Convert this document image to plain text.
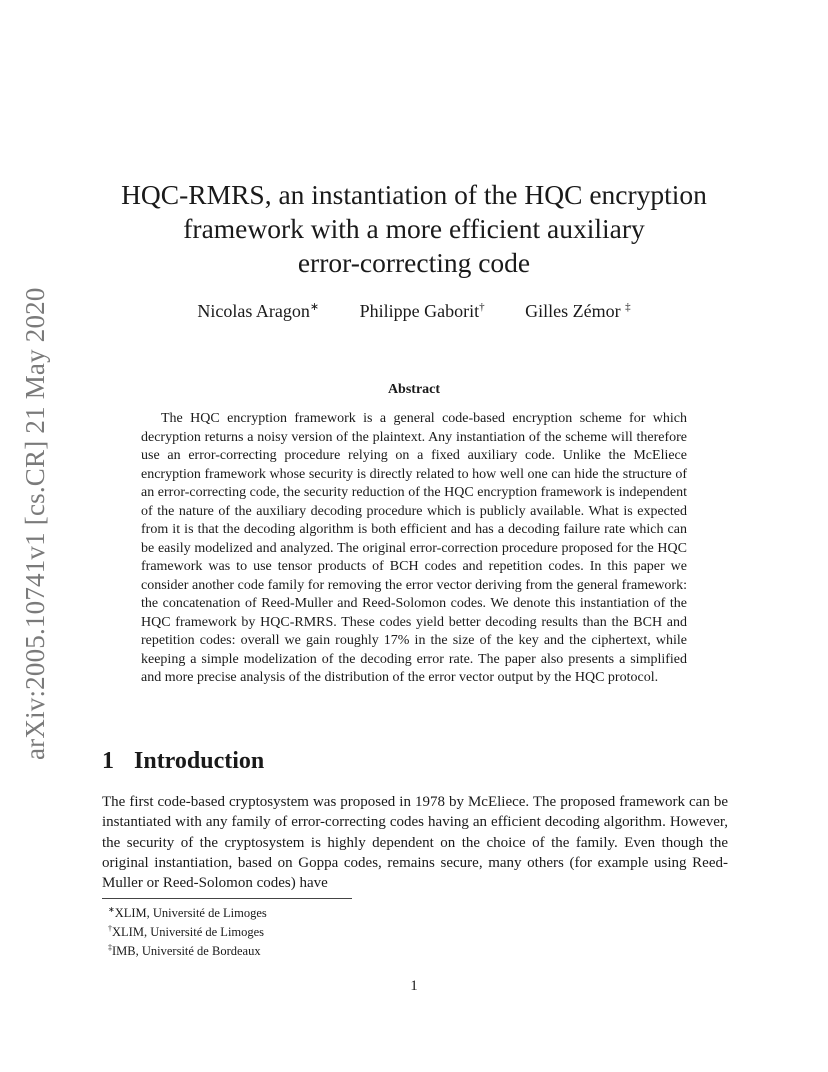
arXiv:2005.10741v1 [cs.CR] 21 May 2020
HQC-RMRS, an instantiation of the HQC encryption
framework with a more efficient auxiliary
error-correcting code
Nicolas Aragon∗ Philippe Gaborit† Gilles Zémor ‡
Abstract

The HQC encryption framework is a general code-based encryption scheme for which decryption returns a noisy version of the plaintext. Any instantiation of the scheme will therefore use an error-correcting procedure relying on a fixed auxiliary code. Unlike the McEliece encryption framework whose security is directly related to how well one can hide the structure of an error-correcting code, the security reduction of the HQC encryption framework is independent of the nature of the auxiliary decoding procedure which is publicly available. What is expected from it is that the decoding algorithm is both efficient and has a decoding failure rate which can be easily modelized and analyzed. The original error-correction procedure proposed for the HQC framework was to use tensor products of BCH codes and repetition codes. In this paper we consider another code family for removing the error vector deriving from the general framework: the concatenation of Reed-Muller and Reed-Solomon codes. We denote this instantiation of the HQC framework by HQC-RMRS. These codes yield better decoding results than the BCH and repetition codes: overall we gain roughly 17% in the size of the key and the ciphertext, while keeping a simple modelization of the decoding error rate. The paper also presents a simplified and more precise analysis of the distribution of the error vector output by the HQC protocol.

1 Introduction

The first code-based cryptosystem was proposed in 1978 by McEliece. The proposed framework can be instantiated with any family of error-correcting codes having an efficient decoding algorithm. However, the security of the cryptosystem is highly dependent on the choice of the family. Even though the original instantiation, based on Goppa codes, remains secure, many others (for example using Reed-Muller or Reed-Solomon codes) have

∗XLIM, Université de Limoges
†XLIM, Université de Limoges
‡IMB, Université de Bordeaux
1
